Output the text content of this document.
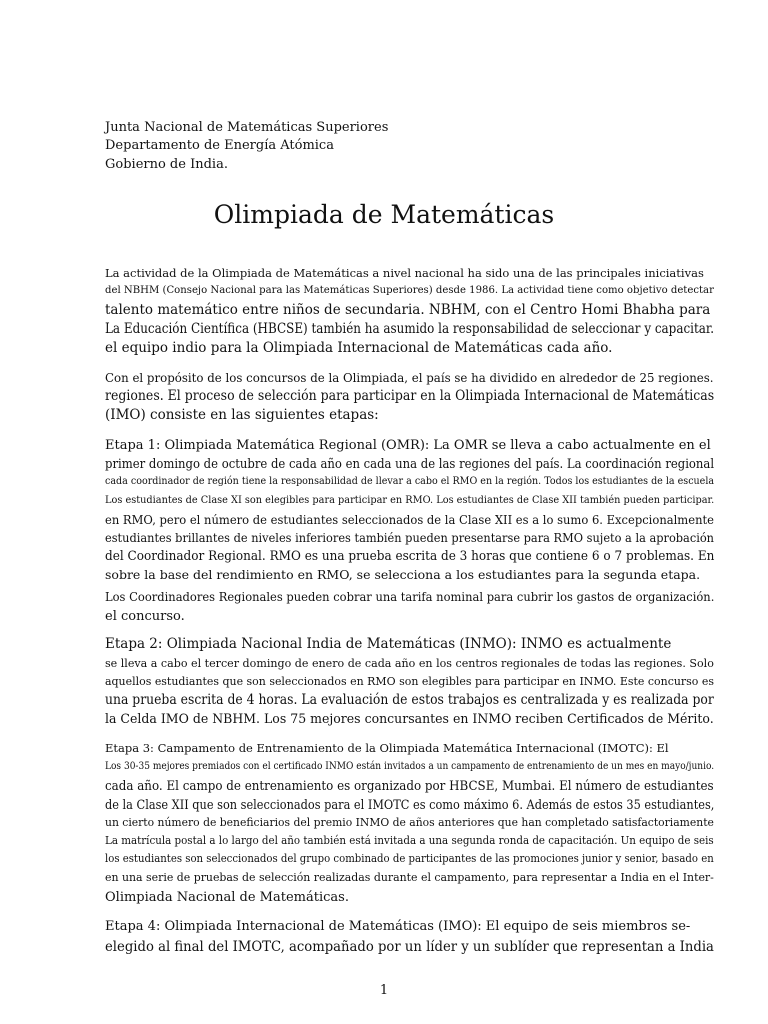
Junta Nacional de Matemáticas Superiores
Departamento de Energía Atómica
Gobierno de India.
Olimpiada de Matemáticas
La actividad de la Olimpiada de Matemáticas a nivel nacional ha sido una de las principales iniciativas
del NBHM (Consejo Nacional para las Matemáticas Superiores) desde 1986. La actividad tiene como objetivo detectar
talento matemático entre niños de secundaria. NBHM, con el Centro Homi Bhabha para
La Educación Científica (HBCSE) también ha asumido la responsabilidad de seleccionar y capacitar.
el equipo indio para la Olimpiada Internacional de Matemáticas cada año.
Con el propósito de los concursos de la Olimpiada, el país se ha dividido en alrededor de 25 regiones.
regiones. El proceso de selección para participar en la Olimpiada Internacional de Matemáticas
(IMO) consiste en las siguientes etapas:
Etapa 1: Olimpiada Matemática Regional (OMR): La OMR se lleva a cabo actualmente en el
primer domingo de octubre de cada año en cada una de las regiones del país. La coordinación regional
cada coordinador de región tiene la responsabilidad de llevar a cabo el RMO en la región. Todos los estudiantes de la escuela
Los estudiantes de Clase XI son elegibles para participar en RMO. Los estudiantes de Clase XII también pueden participar.
en RMO, pero el número de estudiantes seleccionados de la Clase XII es a lo sumo 6. Excepcionalmente
estudiantes brillantes de niveles inferiores también pueden presentarse para RMO sujeto a la aprobación
del Coordinador Regional. RMO es una prueba escrita de 3 horas que contiene 6 o 7 problemas. En
sobre la base del rendimiento en RMO, se selecciona a los estudiantes para la segunda etapa.
Los Coordinadores Regionales pueden cobrar una tarifa nominal para cubrir los gastos de organización.
el concurso.
Etapa 2: Olimpiada Nacional India de Matemáticas (INMO): INMO es actualmente
se lleva a cabo el tercer domingo de enero de cada año en los centros regionales de todas las regiones. Solo
aquellos estudiantes que son seleccionados en RMO son elegibles para participar en INMO. Este concurso es
una prueba escrita de 4 horas. La evaluación de estos trabajos es centralizada y es realizada por
la Celda IMO de NBHM. Los 75 mejores concursantes en INMO reciben Certificados de Mérito.
Etapa 3: Campamento de Entrenamiento de la Olimpiada Matemática Internacional (IMOTC): El
Los 30-35 mejores premiados con el certificado INMO están invitados a un campamento de entrenamiento de un mes en mayo/junio.
cada año. El campo de entrenamiento es organizado por HBCSE, Mumbai. El número de estudiantes
de la Clase XII que son seleccionados para el IMOTC es como máximo 6. Además de estos 35 estudiantes,
un cierto número de beneficiarios del premio INMO de años anteriores que han completado satisfactoriamente
La matrícula postal a lo largo del año también está invitada a una segunda ronda de capacitación. Un equipo de seis
los estudiantes son seleccionados del grupo combinado de participantes de las promociones junior y senior, basado en
en una serie de pruebas de selección realizadas durante el campamento, para representar a India en el Inter-
Olimpiada Nacional de Matemáticas.
Etapa 4: Olimpiada Internacional de Matemáticas (IMO): El equipo de seis miembros se-
elegido al final del IMOTC, acompañado por un líder y un sublíder que representan a India
1
